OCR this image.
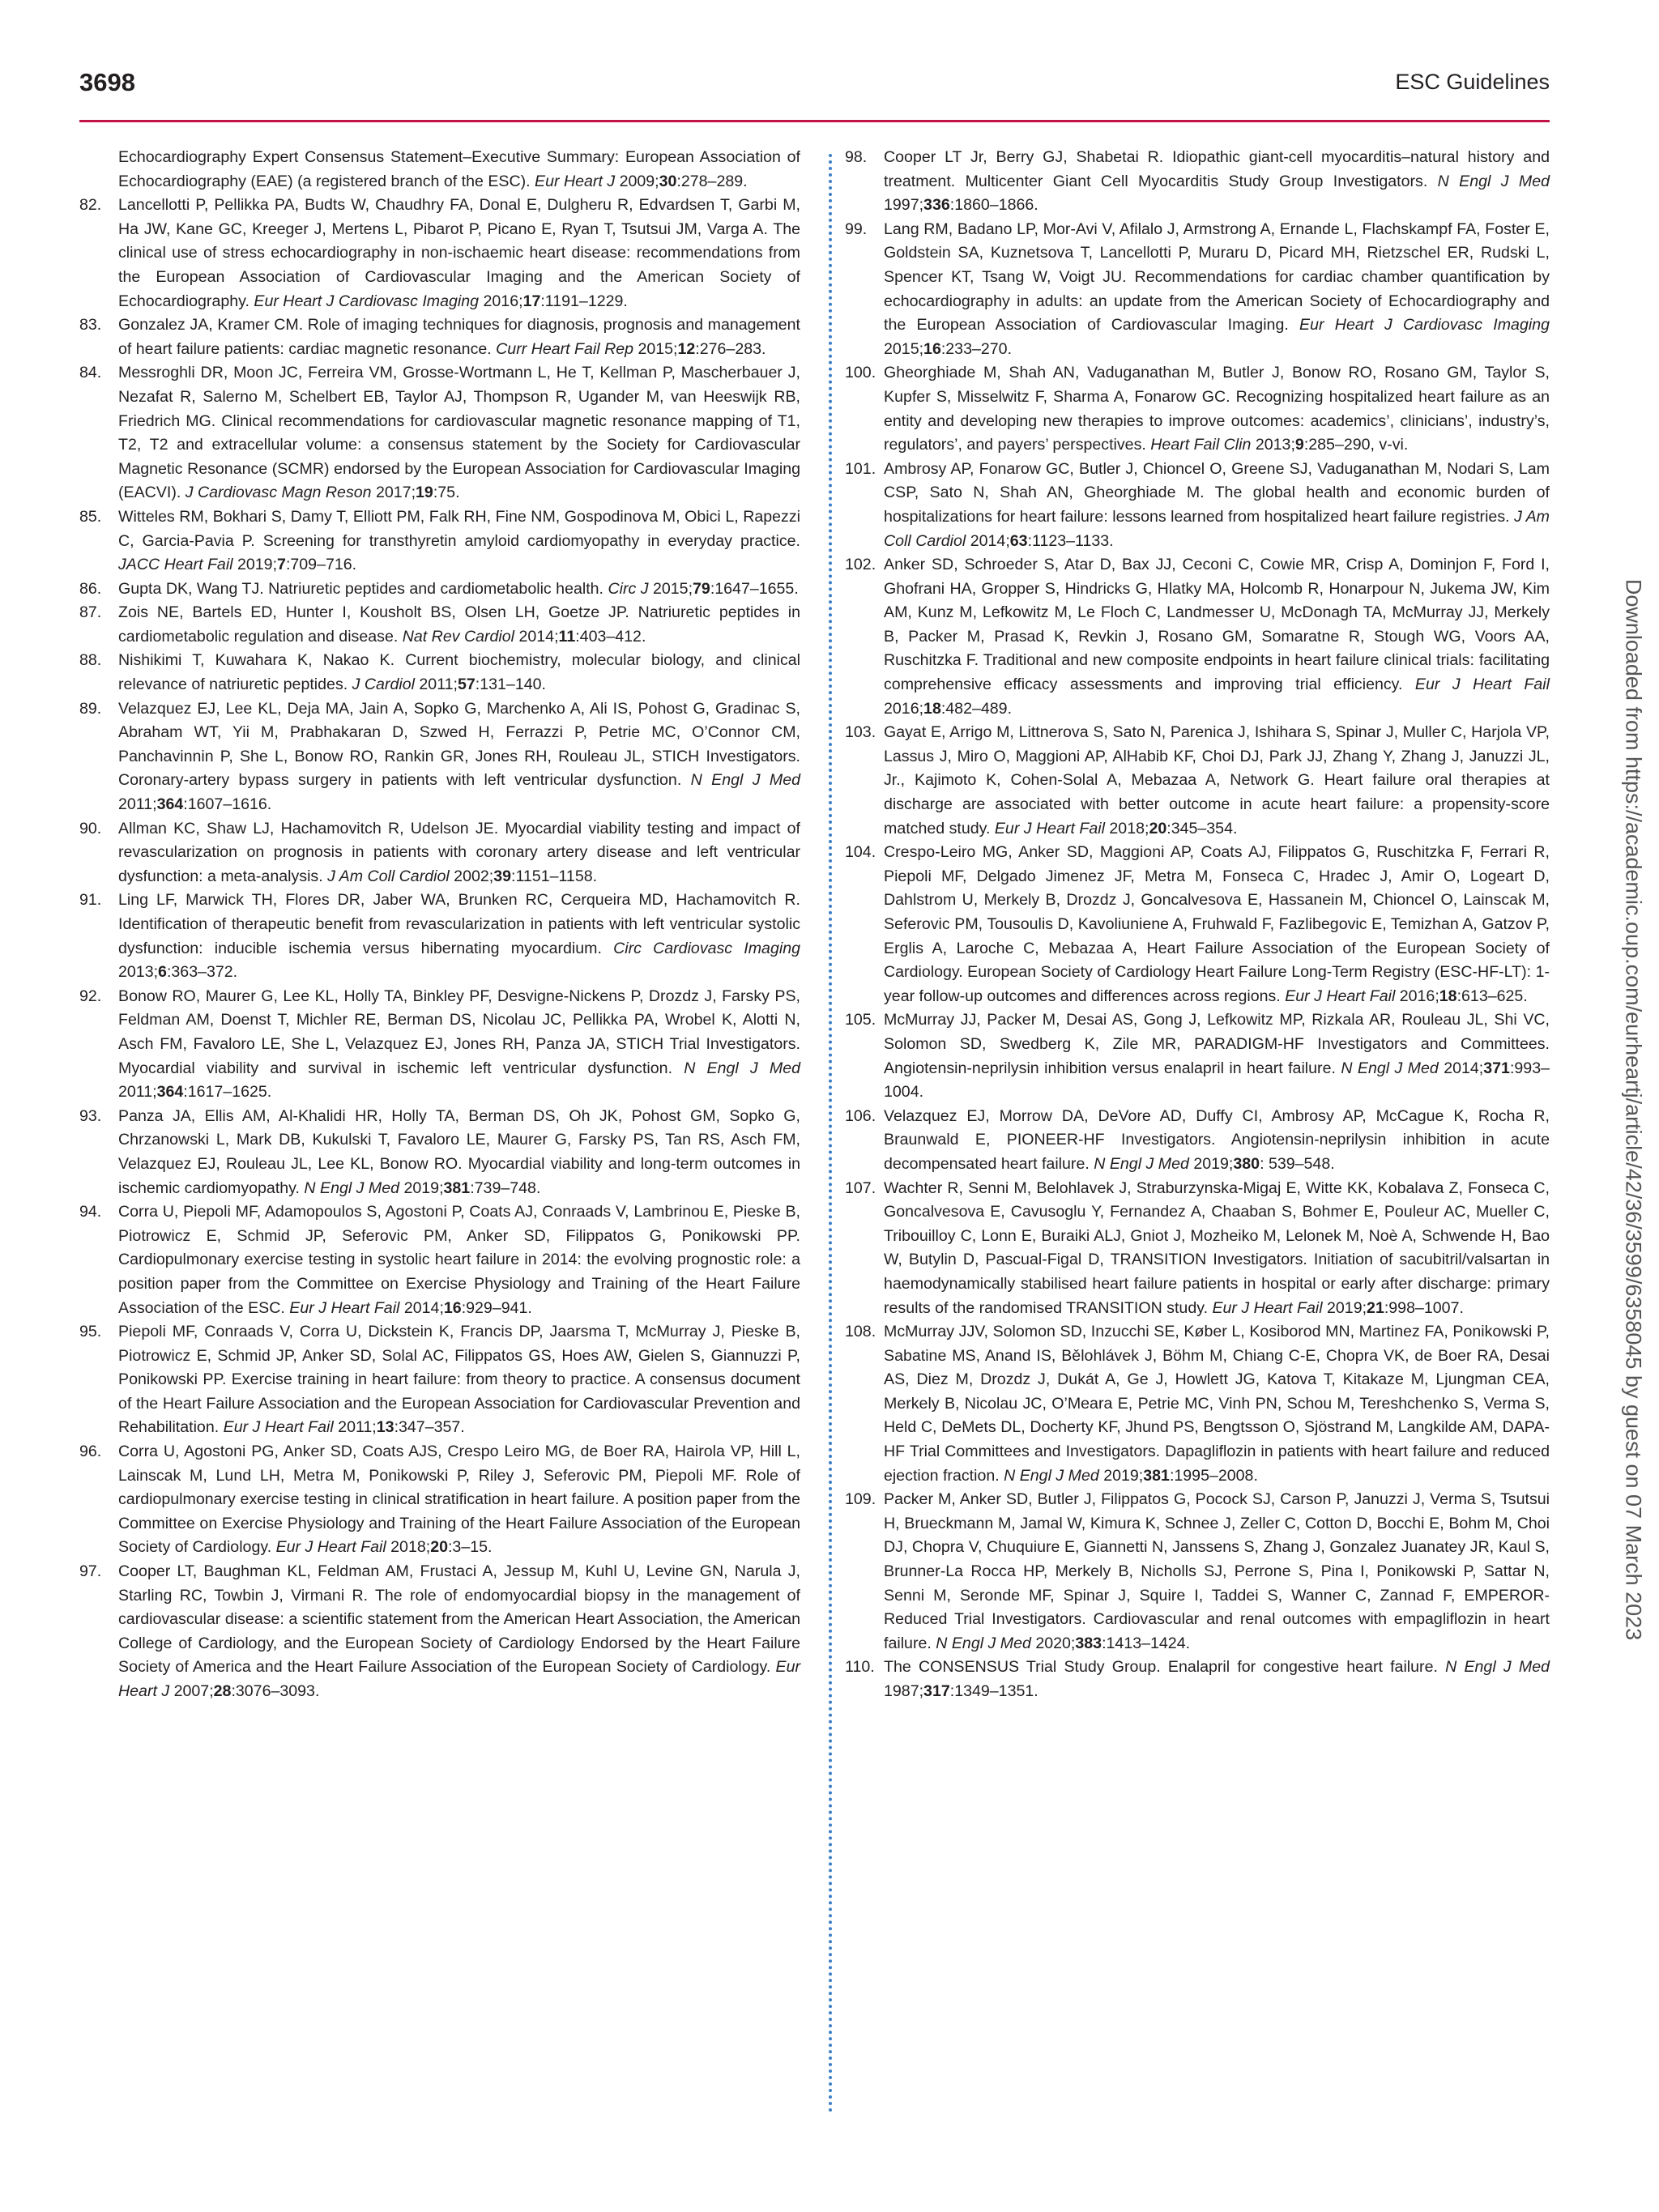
3698	ESC Guidelines

Echocardiography Expert Consensus Statement–Executive Summary: European Association of Echocardiography (EAE) (a registered branch of the ESC). Eur Heart J 2009;30:278–289.

82. Lancellotti P, Pellikka PA, Budts W, Chaudhry FA, Donal E, Dulgheru R, Edvardsen T, Garbi M, Ha JW, Kane GC, Kreeger J, Mertens L, Pibarot P, Picano E, Ryan T, Tsutsui JM, Varga A. The clinical use of stress echocardiography in non-ischaemic heart disease: recommendations from the European Association of Cardiovascular Imaging and the American Society of Echocardiography. Eur Heart J Cardiovasc Imaging 2016;17:1191–1229.

83. Gonzalez JA, Kramer CM. Role of imaging techniques for diagnosis, prognosis and management of heart failure patients: cardiac magnetic resonance. Curr Heart Fail Rep 2015;12:276–283.

84. Messroghli DR, Moon JC, Ferreira VM, Grosse-Wortmann L, He T, Kellman P, Mascherbauer J, Nezafat R, Salerno M, Schelbert EB, Taylor AJ, Thompson R, Ugander M, van Heeswijk RB, Friedrich MG. Clinical recommendations for cardiovascular magnetic resonance mapping of T1, T2, T2 and extracellular volume: a consensus statement by the Society for Cardiovascular Magnetic Resonance (SCMR) endorsed by the European Association for Cardiovascular Imaging (EACVI). J Cardiovasc Magn Reson 2017;19:75.

85. Witteles RM, Bokhari S, Damy T, Elliott PM, Falk RH, Fine NM, Gospodinova M, Obici L, Rapezzi C, Garcia-Pavia P. Screening for transthyretin amyloid cardiomyopathy in everyday practice. JACC Heart Fail 2019;7:709–716.

86. Gupta DK, Wang TJ. Natriuretic peptides and cardiometabolic health. Circ J 2015;79:1647–1655.

87. Zois NE, Bartels ED, Hunter I, Kousholt BS, Olsen LH, Goetze JP. Natriuretic peptides in cardiometabolic regulation and disease. Nat Rev Cardiol 2014;11:403–412.

88. Nishikimi T, Kuwahara K, Nakao K. Current biochemistry, molecular biology, and clinical relevance of natriuretic peptides. J Cardiol 2011;57:131–140.

89. Velazquez EJ, Lee KL, Deja MA, Jain A, Sopko G, Marchenko A, Ali IS, Pohost G, Gradinac S, Abraham WT, Yii M, Prabhakaran D, Szwed H, Ferrazzi P, Petrie MC, O’Connor CM, Panchavinnin P, She L, Bonow RO, Rankin GR, Jones RH, Rouleau JL, STICH Investigators. Coronary-artery bypass surgery in patients with left ventricular dysfunction. N Engl J Med 2011;364:1607–1616.

90. Allman KC, Shaw LJ, Hachamovitch R, Udelson JE. Myocardial viability testing and impact of revascularization on prognosis in patients with coronary artery disease and left ventricular dysfunction: a meta-analysis. J Am Coll Cardiol 2002;39:1151–1158.

91. Ling LF, Marwick TH, Flores DR, Jaber WA, Brunken RC, Cerqueira MD, Hachamovitch R. Identification of therapeutic benefit from revascularization in patients with left ventricular systolic dysfunction: inducible ischemia versus hibernating myocardium. Circ Cardiovasc Imaging 2013;6:363–372.

92. Bonow RO, Maurer G, Lee KL, Holly TA, Binkley PF, Desvigne-Nickens P, Drozdz J, Farsky PS, Feldman AM, Doenst T, Michler RE, Berman DS, Nicolau JC, Pellikka PA, Wrobel K, Alotti N, Asch FM, Favaloro LE, She L, Velazquez EJ, Jones RH, Panza JA, STICH Trial Investigators. Myocardial viability and survival in ischemic left ventricular dysfunction. N Engl J Med 2011;364:1617–1625.

93. Panza JA, Ellis AM, Al-Khalidi HR, Holly TA, Berman DS, Oh JK, Pohost GM, Sopko G, Chrzanowski L, Mark DB, Kukulski T, Favaloro LE, Maurer G, Farsky PS, Tan RS, Asch FM, Velazquez EJ, Rouleau JL, Lee KL, Bonow RO. Myocardial viability and long-term outcomes in ischemic cardiomyopathy. N Engl J Med 2019;381:739–748.

94. Corra U, Piepoli MF, Adamopoulos S, Agostoni P, Coats AJ, Conraads V, Lambrinou E, Pieske B, Piotrowicz E, Schmid JP, Seferovic PM, Anker SD, Filippatos G, Ponikowski PP. Cardiopulmonary exercise testing in systolic heart failure in 2014: the evolving prognostic role: a position paper from the Committee on Exercise Physiology and Training of the Heart Failure Association of the ESC. Eur J Heart Fail 2014;16:929–941.

95. Piepoli MF, Conraads V, Corra U, Dickstein K, Francis DP, Jaarsma T, McMurray J, Pieske B, Piotrowicz E, Schmid JP, Anker SD, Solal AC, Filippatos GS, Hoes AW, Gielen S, Giannuzzi P, Ponikowski PP. Exercise training in heart failure: from theory to practice. A consensus document of the Heart Failure Association and the European Association for Cardiovascular Prevention and Rehabilitation. Eur J Heart Fail 2011;13:347–357.

96. Corra U, Agostoni PG, Anker SD, Coats AJS, Crespo Leiro MG, de Boer RA, Hairola VP, Hill L, Lainscak M, Lund LH, Metra M, Ponikowski P, Riley J, Seferovic PM, Piepoli MF. Role of cardiopulmonary exercise testing in clinical stratification in heart failure. A position paper from the Committee on Exercise Physiology and Training of the Heart Failure Association of the European Society of Cardiology. Eur J Heart Fail 2018;20:3–15.

97. Cooper LT, Baughman KL, Feldman AM, Frustaci A, Jessup M, Kuhl U, Levine GN, Narula J, Starling RC, Towbin J, Virmani R. The role of endomyocardial biopsy in the management of cardiovascular disease: a scientific statement from the American Heart Association, the American College of Cardiology, and the European Society of Cardiology Endorsed by the Heart Failure Society of America and the Heart Failure Association of the European Society of Cardiology. Eur Heart J 2007;28:3076–3093.

98. Cooper LT Jr, Berry GJ, Shabetai R. Idiopathic giant-cell myocarditis–natural history and treatment. Multicenter Giant Cell Myocarditis Study Group Investigators. N Engl J Med 1997;336:1860–1866.

99. Lang RM, Badano LP, Mor-Avi V, Afilalo J, Armstrong A, Ernande L, Flachskampf FA, Foster E, Goldstein SA, Kuznetsova T, Lancellotti P, Muraru D, Picard MH, Rietzschel ER, Rudski L, Spencer KT, Tsang W, Voigt JU. Recommendations for cardiac chamber quantification by echocardiography in adults: an update from the American Society of Echocardiography and the European Association of Cardiovascular Imaging. Eur Heart J Cardiovasc Imaging 2015;16:233–270.

100. Gheorghiade M, Shah AN, Vaduganathan M, Butler J, Bonow RO, Rosano GM, Taylor S, Kupfer S, Misselwitz F, Sharma A, Fonarow GC. Recognizing hospitalized heart failure as an entity and developing new therapies to improve outcomes: academics’, clinicians’, industry’s, regulators’, and payers’ perspectives. Heart Fail Clin 2013;9:285–290, v-vi.

101. Ambrosy AP, Fonarow GC, Butler J, Chioncel O, Greene SJ, Vaduganathan M, Nodari S, Lam CSP, Sato N, Shah AN, Gheorghiade M. The global health and economic burden of hospitalizations for heart failure: lessons learned from hospitalized heart failure registries. J Am Coll Cardiol 2014;63:1123–1133.

102. Anker SD, Schroeder S, Atar D, Bax JJ, Ceconi C, Cowie MR, Crisp A, Dominjon F, Ford I, Ghofrani HA, Gropper S, Hindricks G, Hlatky MA, Holcomb R, Honarpour N, Jukema JW, Kim AM, Kunz M, Lefkowitz M, Le Floch C, Landmesser U, McDonagh TA, McMurray JJ, Merkely B, Packer M, Prasad K, Revkin J, Rosano GM, Somaratne R, Stough WG, Voors AA, Ruschitzka F. Traditional and new composite endpoints in heart failure clinical trials: facilitating comprehensive efficacy assessments and improving trial efficiency. Eur J Heart Fail 2016;18:482–489.

103. Gayat E, Arrigo M, Littnerova S, Sato N, Parenica J, Ishihara S, Spinar J, Muller C, Harjola VP, Lassus J, Miro O, Maggioni AP, AlHabib KF, Choi DJ, Park JJ, Zhang Y, Zhang J, Januzzi JL, Jr., Kajimoto K, Cohen-Solal A, Mebazaa A, Network G. Heart failure oral therapies at discharge are associated with better outcome in acute heart failure: a propensity-score matched study. Eur J Heart Fail 2018;20:345–354.

104. Crespo-Leiro MG, Anker SD, Maggioni AP, Coats AJ, Filippatos G, Ruschitzka F, Ferrari R, Piepoli MF, Delgado Jimenez JF, Metra M, Fonseca C, Hradec J, Amir O, Logeart D, Dahlstrom U, Merkely B, Drozdz J, Goncalvesova E, Hassanein M, Chioncel O, Lainscak M, Seferovic PM, Tousoulis D, Kavoliuniene A, Fruhwald F, Fazlibegovic E, Temizhan A, Gatzov P, Erglis A, Laroche C, Mebazaa A, Heart Failure Association of the European Society of Cardiology. European Society of Cardiology Heart Failure Long-Term Registry (ESC-HF-LT): 1-year follow-up outcomes and differences across regions. Eur J Heart Fail 2016;18:613–625.

105. McMurray JJ, Packer M, Desai AS, Gong J, Lefkowitz MP, Rizkala AR, Rouleau JL, Shi VC, Solomon SD, Swedberg K, Zile MR, PARADIGM-HF Investigators and Committees. Angiotensin-neprilysin inhibition versus enalapril in heart failure. N Engl J Med 2014;371:993–1004.

106. Velazquez EJ, Morrow DA, DeVore AD, Duffy CI, Ambrosy AP, McCague K, Rocha R, Braunwald E, PIONEER-HF Investigators. Angiotensin-neprilysin inhibition in acute decompensated heart failure. N Engl J Med 2019;380: 539–548.

107. Wachter R, Senni M, Belohlavek J, Straburzynska-Migaj E, Witte KK, Kobalava Z, Fonseca C, Goncalvesova E, Cavusoglu Y, Fernandez A, Chaaban S, Bohmer E, Pouleur AC, Mueller C, Tribouilloy C, Lonn E, Buraiki ALJ, Gniot J, Mozheiko M, Lelonek M, Noè A, Schwende H, Bao W, Butylin D, Pascual-Figal D, TRANSITION Investigators. Initiation of sacubitril/valsartan in haemodynamically stabilised heart failure patients in hospital or early after discharge: primary results of the randomised TRANSITION study. Eur J Heart Fail 2019;21:998–1007.

108. McMurray JJV, Solomon SD, Inzucchi SE, Køber L, Kosiborod MN, Martinez FA, Ponikowski P, Sabatine MS, Anand IS, Bělohlávek J, Böhm M, Chiang C-E, Chopra VK, de Boer RA, Desai AS, Diez M, Drozdz J, Dukát A, Ge J, Howlett JG, Katova T, Kitakaze M, Ljungman CEA, Merkely B, Nicolau JC, O’Meara E, Petrie MC, Vinh PN, Schou M, Tereshchenko S, Verma S, Held C, DeMets DL, Docherty KF, Jhund PS, Bengtsson O, Sjöstrand M, Langkilde AM, DAPA-HF Trial Committees and Investigators. Dapagliflozin in patients with heart failure and reduced ejection fraction. N Engl J Med 2019;381:1995–2008.

109. Packer M, Anker SD, Butler J, Filippatos G, Pocock SJ, Carson P, Januzzi J, Verma S, Tsutsui H, Brueckmann M, Jamal W, Kimura K, Schnee J, Zeller C, Cotton D, Bocchi E, Bohm M, Choi DJ, Chopra V, Chuquiure E, Giannetti N, Janssens S, Zhang J, Gonzalez Juanatey JR, Kaul S, Brunner-La Rocca HP, Merkely B, Nicholls SJ, Perrone S, Pina I, Ponikowski P, Sattar N, Senni M, Seronde MF, Spinar J, Squire I, Taddei S, Wanner C, Zannad F, EMPEROR-Reduced Trial Investigators. Cardiovascular and renal outcomes with empagliflozin in heart failure. N Engl J Med 2020;383:1413–1424.

110. The CONSENSUS Trial Study Group. Enalapril for congestive heart failure. N Engl J Med 1987;317:1349–1351.

Downloaded from https://academic.oup.com/eurheartj/article/42/36/3599/6358045 by guest on 07 March 2023
